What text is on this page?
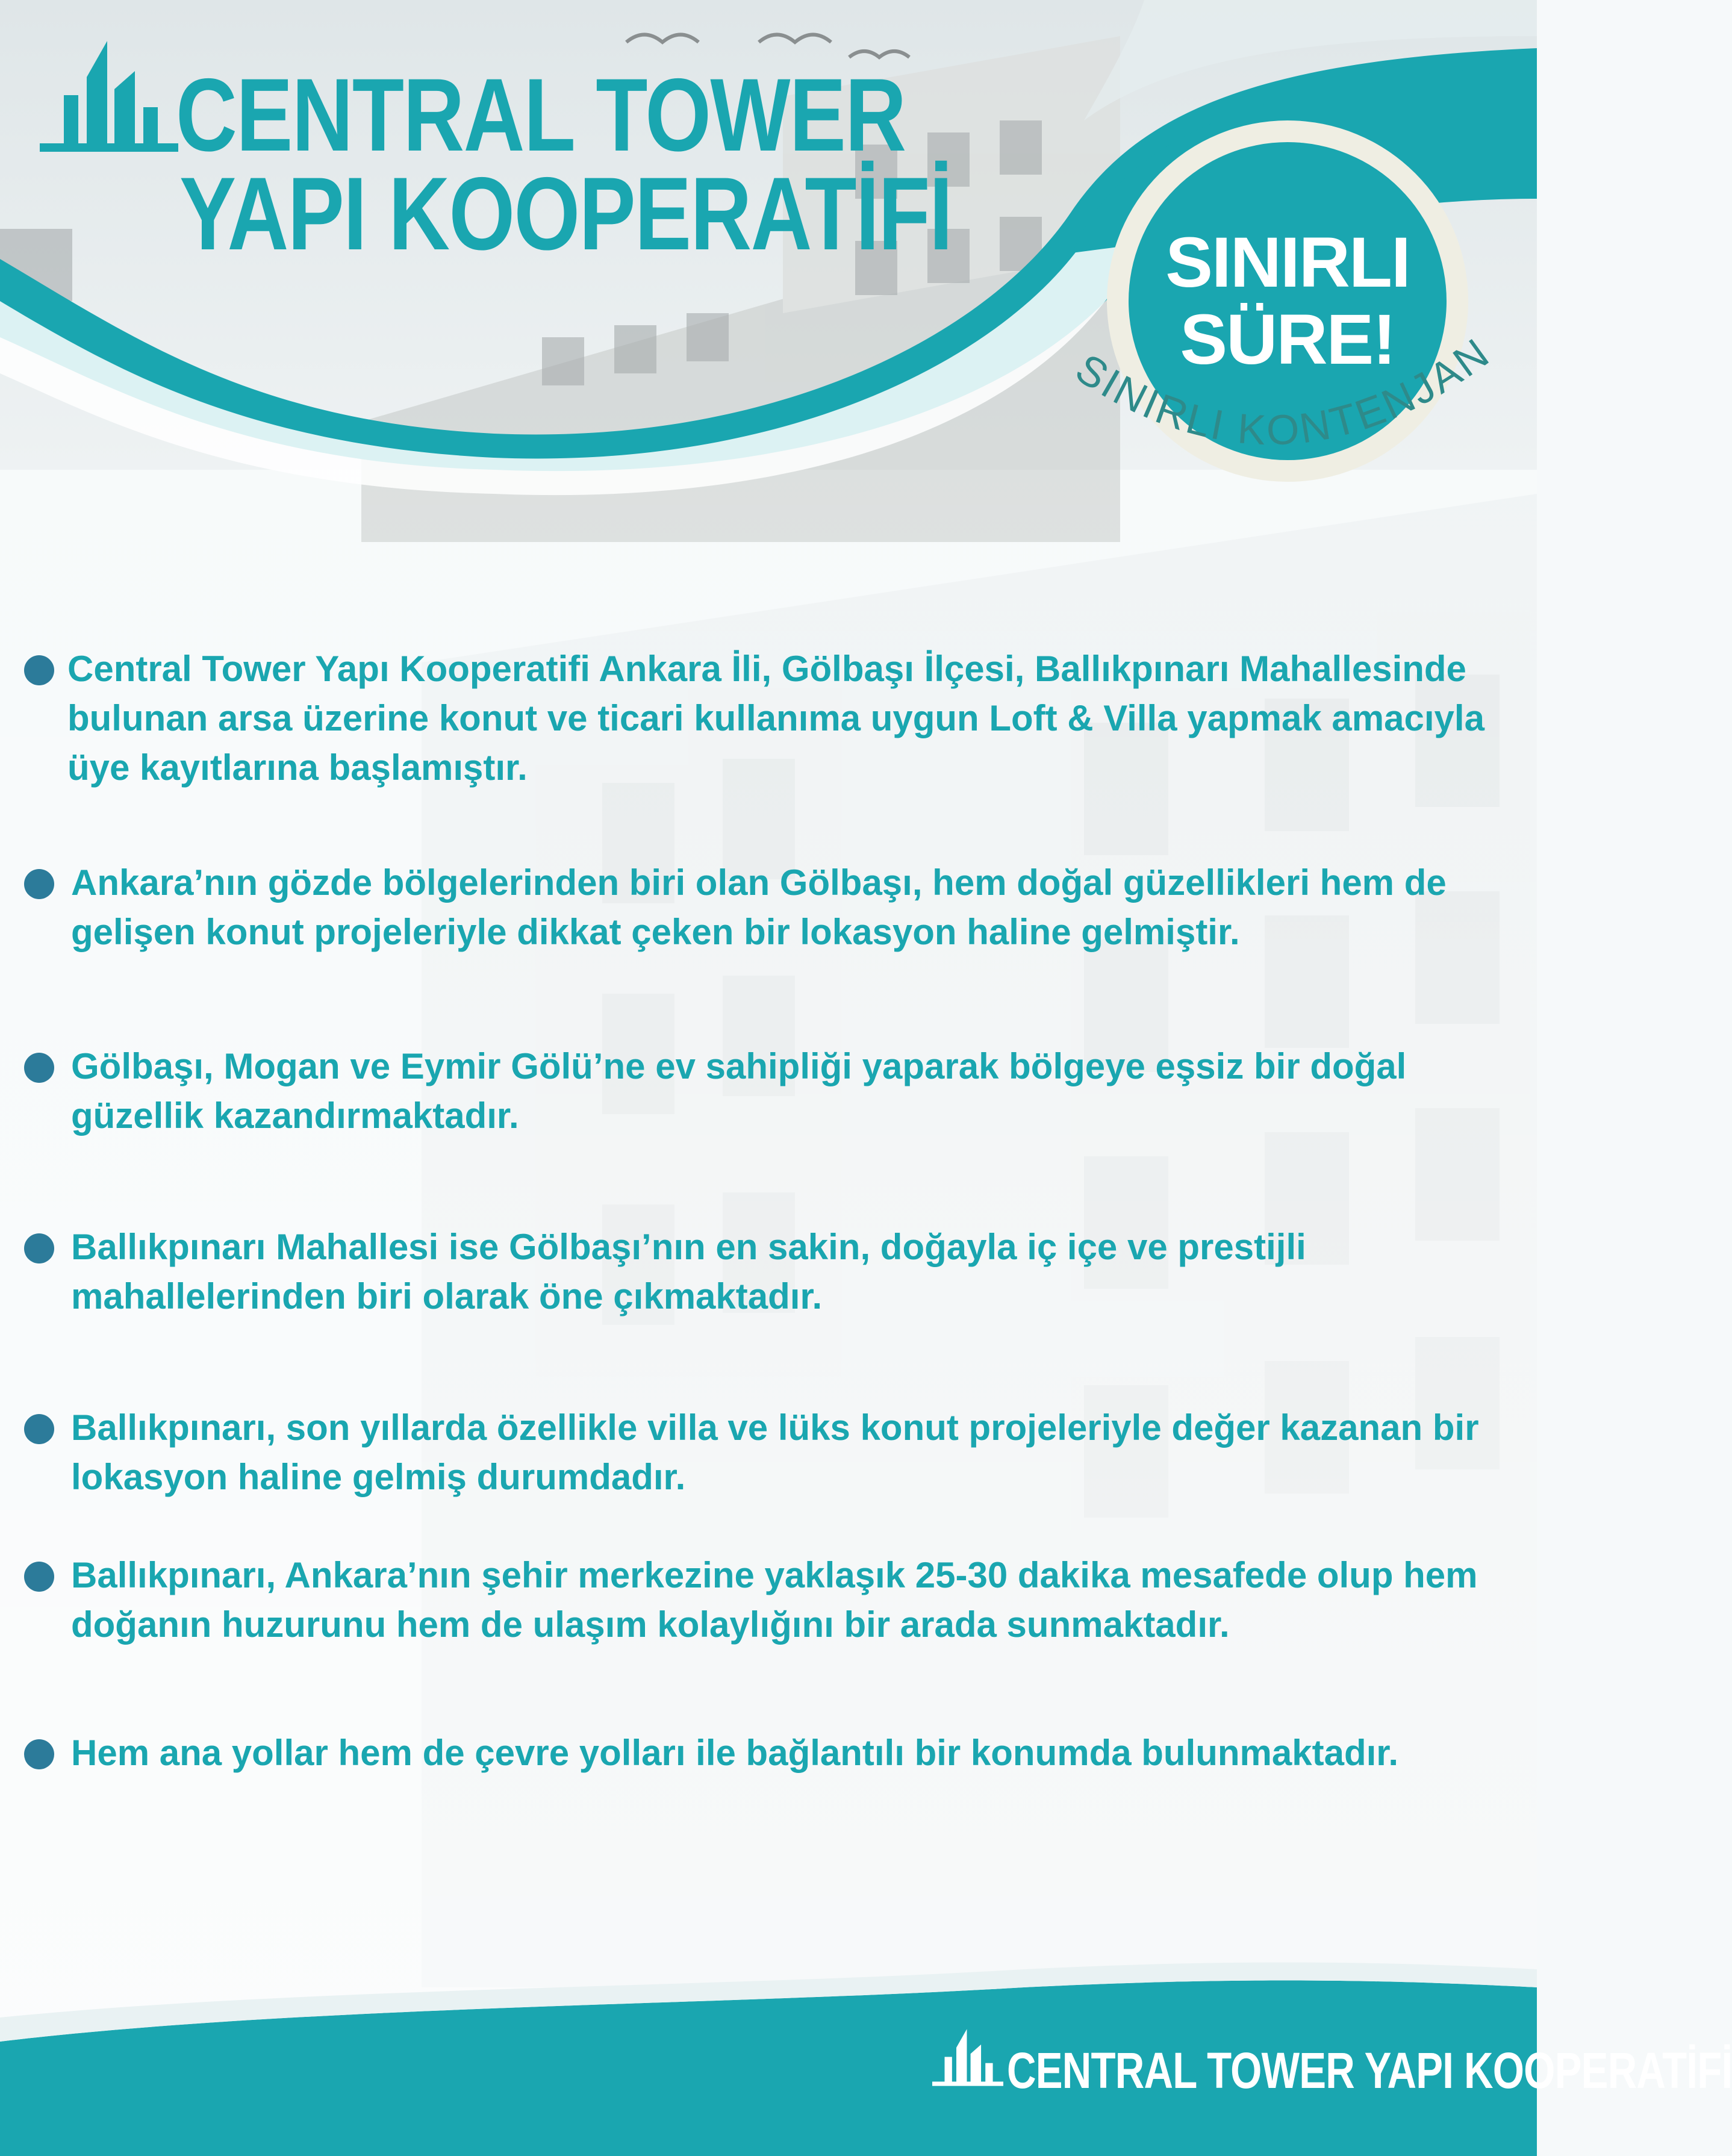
CENTRAL TOWER
YAPI KOOPERATİFİ	SINIRLI
SÜRE!
SINIRLI KONTENJAN

Central Tower Yapı Kooperatifi Ankara İli, Gölbaşı İlçesi, Ballıkpınarı Mahallesinde bulunan arsa üzerine konut ve ticari kullanıma uygun Loft & Villa yapmak amacıyla üye kayıtlarına başlamıştır.

Ankara’nın gözde bölgelerinden biri olan Gölbaşı, hem doğal güzellikleri hem de gelişen konut projeleriyle dikkat çeken bir lokasyon haline gelmiştir.

Gölbaşı, Mogan ve Eymir Gölü’ne ev sahipliği yaparak bölgeye eşsiz bir doğal güzellik kazandırmaktadır.

Ballıkpınarı Mahallesi ise Gölbaşı’nın en sakin, doğayla iç içe ve prestijli mahallelerinden biri olarak öne çıkmaktadır.

Ballıkpınarı, son yıllarda özellikle villa ve lüks konut projeleriyle değer kazanan bir lokasyon haline gelmiş durumdadır.

Ballıkpınarı, Ankara’nın şehir merkezine yaklaşık 25-30 dakika mesafede olup hem doğanın huzurunu hem de ulaşım kolaylığını bir arada sunmaktadır.

Hem ana yollar hem de çevre yolları ile bağlantılı bir konumda bulunmaktadır.

CENTRAL TOWER YAPI KOOPERATİFİ
